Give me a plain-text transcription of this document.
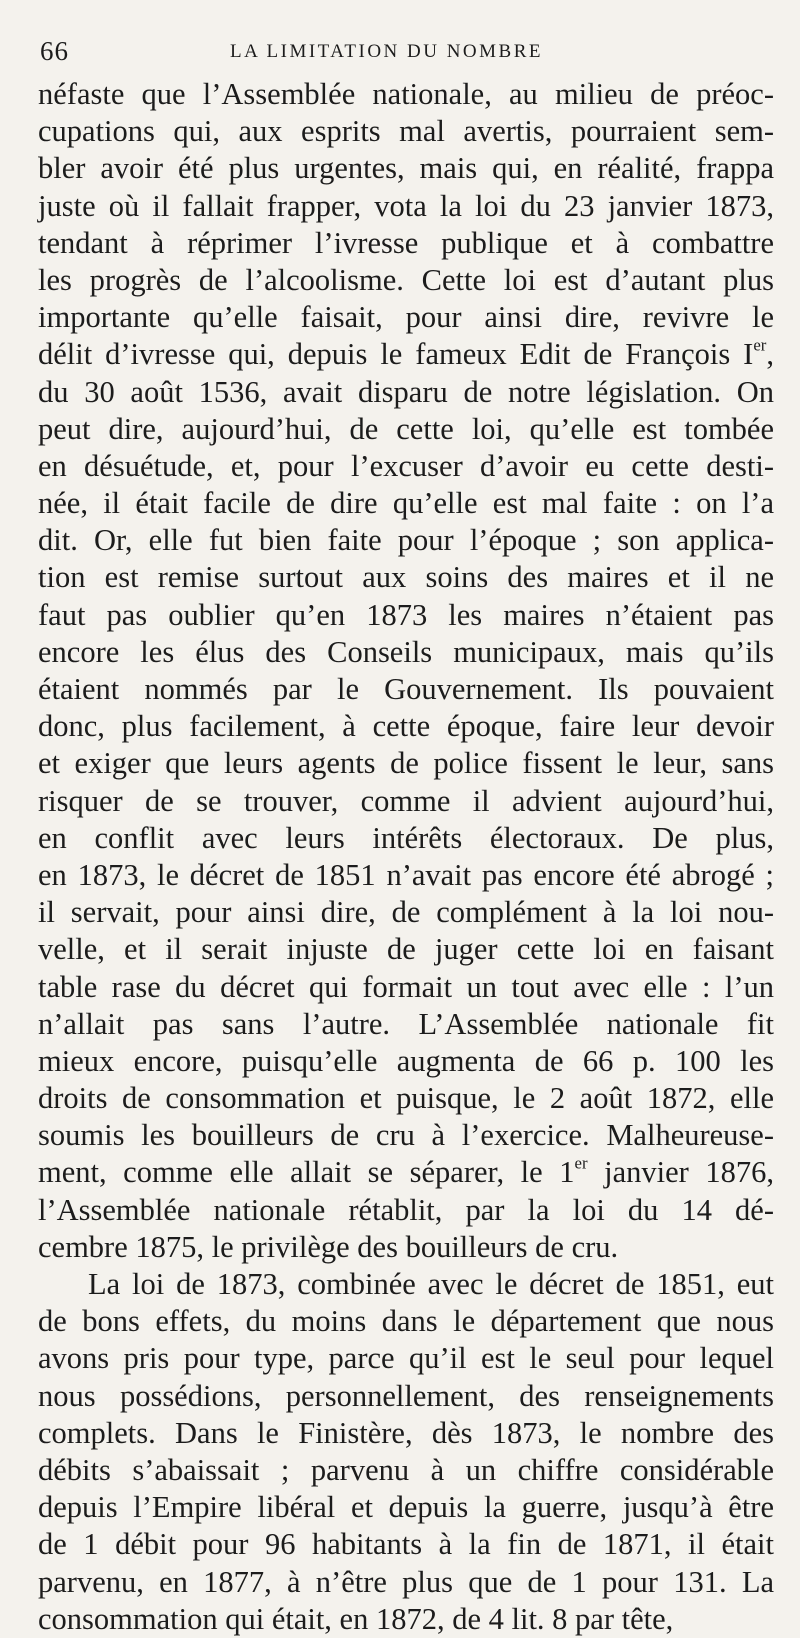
66	LA LIMITATION DU NOMBRE
néfaste que l’Assemblée nationale, au milieu de préoc-
cupations qui, aux esprits mal avertis, pourraient sem-
bler avoir été plus urgentes, mais qui, en réalité, frappa
juste où il fallait frapper, vota la loi du 23 janvier 1873,
tendant à réprimer l’ivresse publique et à combattre
les progrès de l’alcoolisme. Cette loi est d’autant plus
importante qu’elle faisait, pour ainsi dire, revivre le
délit d’ivresse qui, depuis le fameux Edit de François Ier,
du 30 août 1536, avait disparu de notre législation. On
peut dire, aujourd’hui, de cette loi, qu’elle est tombée
en désuétude, et, pour l’excuser d’avoir eu cette desti-
née, il était facile de dire qu’elle est mal faite : on l’a
dit. Or, elle fut bien faite pour l’époque ; son applica-
tion est remise surtout aux soins des maires et il ne
faut pas oublier qu’en 1873 les maires n’étaient pas
encore les élus des Conseils municipaux, mais qu’ils
étaient nommés par le Gouvernement. Ils pouvaient
donc, plus facilement, à cette époque, faire leur devoir
et exiger que leurs agents de police fissent le leur, sans
risquer de se trouver, comme il advient aujourd’hui,
en conflit avec leurs intérêts électoraux. De plus,
en 1873, le décret de 1851 n’avait pas encore été abrogé ;
il servait, pour ainsi dire, de complément à la loi nou-
velle, et il serait injuste de juger cette loi en faisant
table rase du décret qui formait un tout avec elle : l’un
n’allait pas sans l’autre. L’Assemblée nationale fit
mieux encore, puisqu’elle augmenta de 66 p. 100 les
droits de consommation et puisque, le 2 août 1872, elle
soumis les bouilleurs de cru à l’exercice. Malheureuse-
ment, comme elle allait se séparer, le 1er janvier 1876,
l’Assemblée nationale rétablit, par la loi du 14 dé-
cembre 1875, le privilège des bouilleurs de cru.
La loi de 1873, combinée avec le décret de 1851, eut
de bons effets, du moins dans le département que nous
avons pris pour type, parce qu’il est le seul pour lequel
nous possédions, personnellement, des renseignements
complets. Dans le Finistère, dès 1873, le nombre des
débits s’abaissait ; parvenu à un chiffre considérable
depuis l’Empire libéral et depuis la guerre, jusqu’à être
de 1 débit pour 96 habitants à la fin de 1871, il était
parvenu, en 1877, à n’être plus que de 1 pour 131. La
consommation qui était, en 1872, de 4 lit. 8 par tête,
